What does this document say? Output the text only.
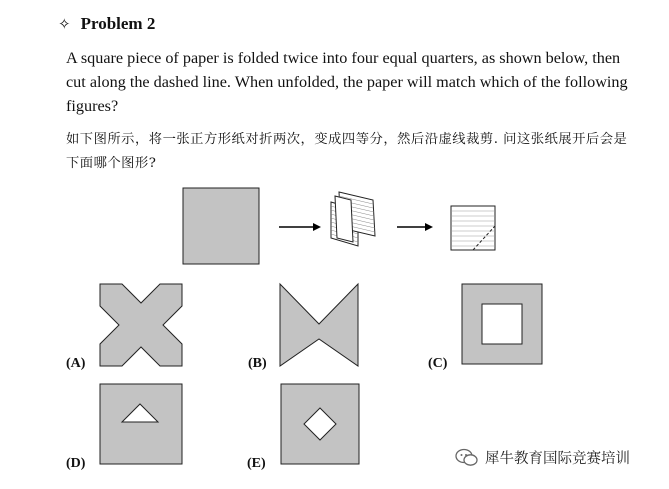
✧ Problem 2
A square piece of paper is folded twice into four equal quarters, as shown below, then cut along the dashed line. When unfolded, the paper will match which of the following figures?
如下图所示，将一张正方形纸对折两次，变成四等分，然后沿虚线裁剪. 问这张纸展开后会是下面哪个图形?
(A)	(B)	(C)
(D)	(E)	犀牛教育国际竞赛培训
